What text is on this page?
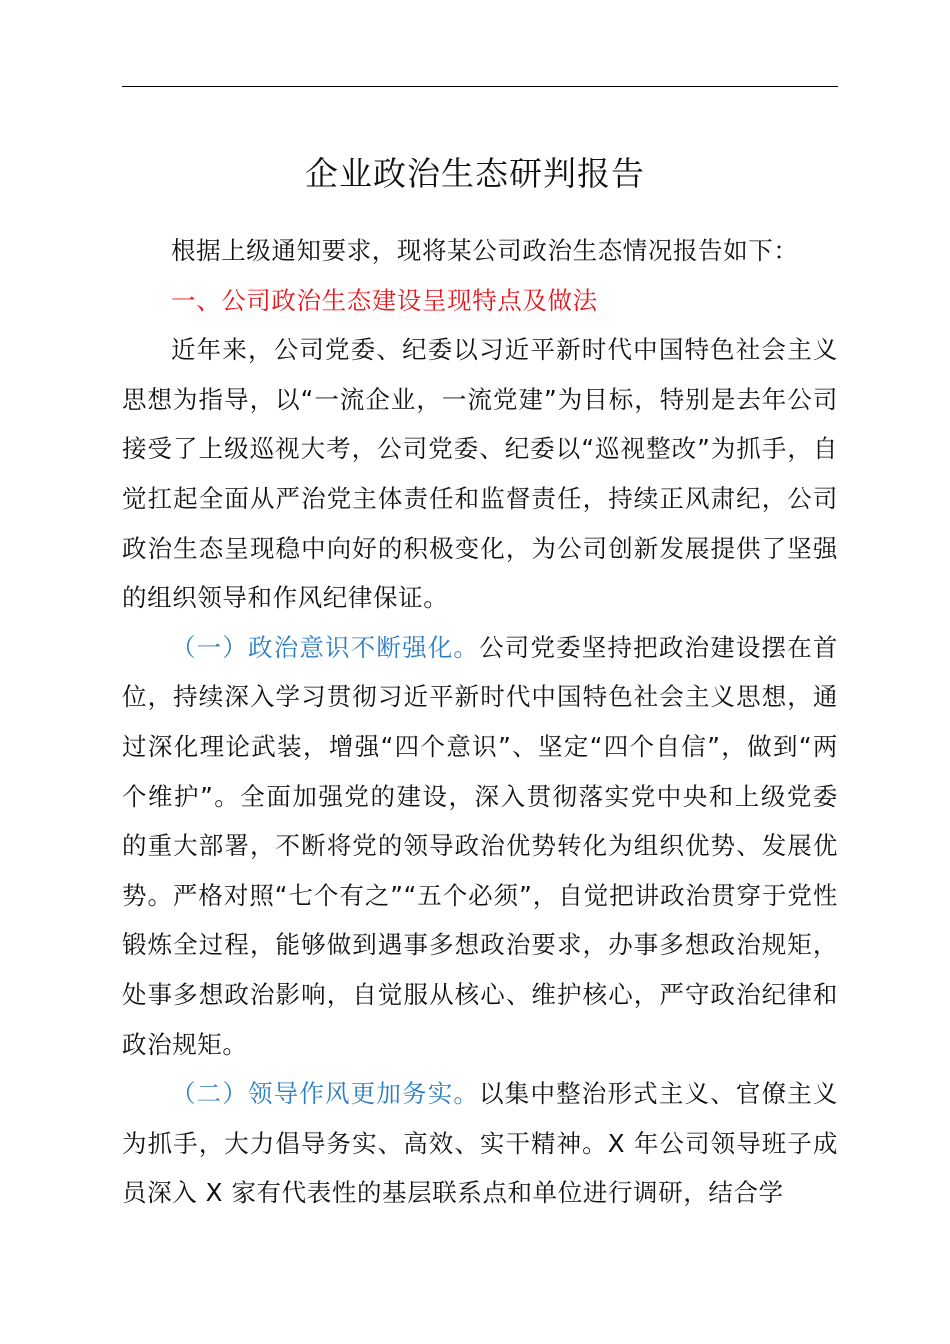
企业政治生态研判报告

根据上级通知要求，现将某公司政治生态情况报告如下：

一、公司政治生态建设呈现特点及做法

近年来，公司党委、纪委以习近平新时代中国特色社会主义思想为指导，以“一流企业，一流党建”为目标，特别是去年公司接受了上级巡视大考，公司党委、纪委以“巡视整改”为抓手，自觉扛起全面从严治党主体责任和监督责任，持续正风肃纪，公司政治生态呈现稳中向好的积极变化，为公司创新发展提供了坚强的组织领导和作风纪律保证。

（一）政治意识不断强化。公司党委坚持把政治建设摆在首位，持续深入学习贯彻习近平新时代中国特色社会主义思想，通过深化理论武装，增强“四个意识”、坚定“四个自信”，做到“两个维护”。全面加强党的建设，深入贯彻落实党中央和上级党委的重大部署，不断将党的领导政治优势转化为组织优势、发展优势。严格对照“七个有之”“五个必须”，自觉把讲政治贯穿于党性锻炼全过程，能够做到遇事多想政治要求，办事多想政治规矩，处事多想政治影响，自觉服从核心、维护核心，严守政治纪律和政治规矩。

（二）领导作风更加务实。以集中整治形式主义、官僚主义为抓手，大力倡导务实、高效、实干精神。X 年公司领导班子成员深入 X 家有代表性的基层联系点和单位进行调研，结合学
